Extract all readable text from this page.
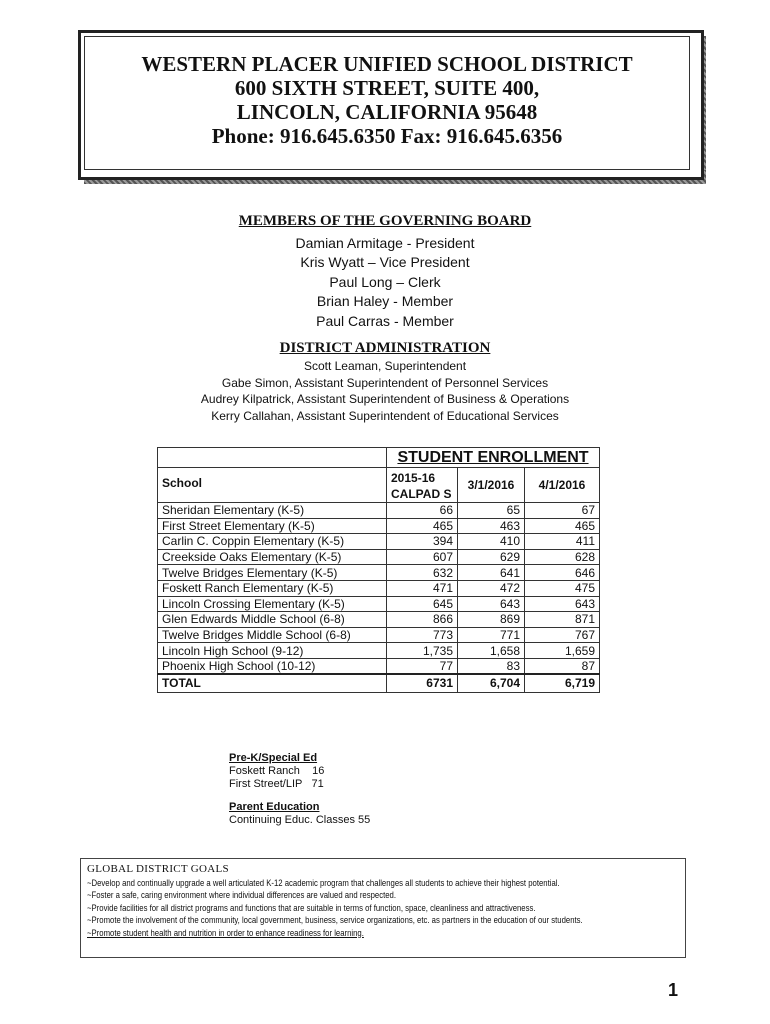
WESTERN PLACER UNIFIED SCHOOL DISTRICT
600 SIXTH STREET, SUITE 400,
LINCOLN, CALIFORNIA 95648
Phone: 916.645.6350 Fax: 916.645.6356
MEMBERS OF THE GOVERNING BOARD
Damian Armitage - President
Kris Wyatt – Vice President
Paul Long – Clerk
Brian Haley - Member
Paul Carras - Member
DISTRICT ADMINISTRATION
Scott Leaman, Superintendent
Gabe Simon, Assistant Superintendent of Personnel Services
Audrey Kilpatrick, Assistant Superintendent of Business & Operations
Kerry Callahan, Assistant Superintendent of Educational Services
	STUDENT ENROLLMENT		
School	2015-16 CALPAD S	3/1/2016	4/1/2016
Sheridan Elementary (K-5)	66	65	67
First Street Elementary (K-5)	465	463	465
Carlin C. Coppin Elementary (K-5)	394	410	411
Creekside Oaks Elementary (K-5)	607	629	628
Twelve Bridges Elementary (K-5)	632	641	646
Foskett Ranch Elementary (K-5)	471	472	475
Lincoln Crossing Elementary (K-5)	645	643	643
Glen Edwards Middle School (6-8)	866	869	871
Twelve Bridges Middle School (6-8)	773	771	767
Lincoln High School (9-12)	1,735	1,658	1,659
Phoenix High School (10-12)	77	83	87
TOTAL	6731	6,704	6,719
Pre-K/Special Ed
Foskett Ranch 16
First Street/LIP 71
Parent Education
Continuing Educ. Classes 55
GLOBAL DISTRICT GOALS
~Develop and continually upgrade a well articulated K-12 academic program that challenges all students to achieve their highest potential.
~Foster a safe, caring environment where individual differences are valued and respected.
~Provide facilities for all district programs and functions that are suitable in terms of function, space, cleanliness and attractiveness.
~Promote the involvement of the community, local government, business, service organizations, etc. as partners in the education of our students.
~Promote student health and nutrition in order to enhance readiness for learning.
1
